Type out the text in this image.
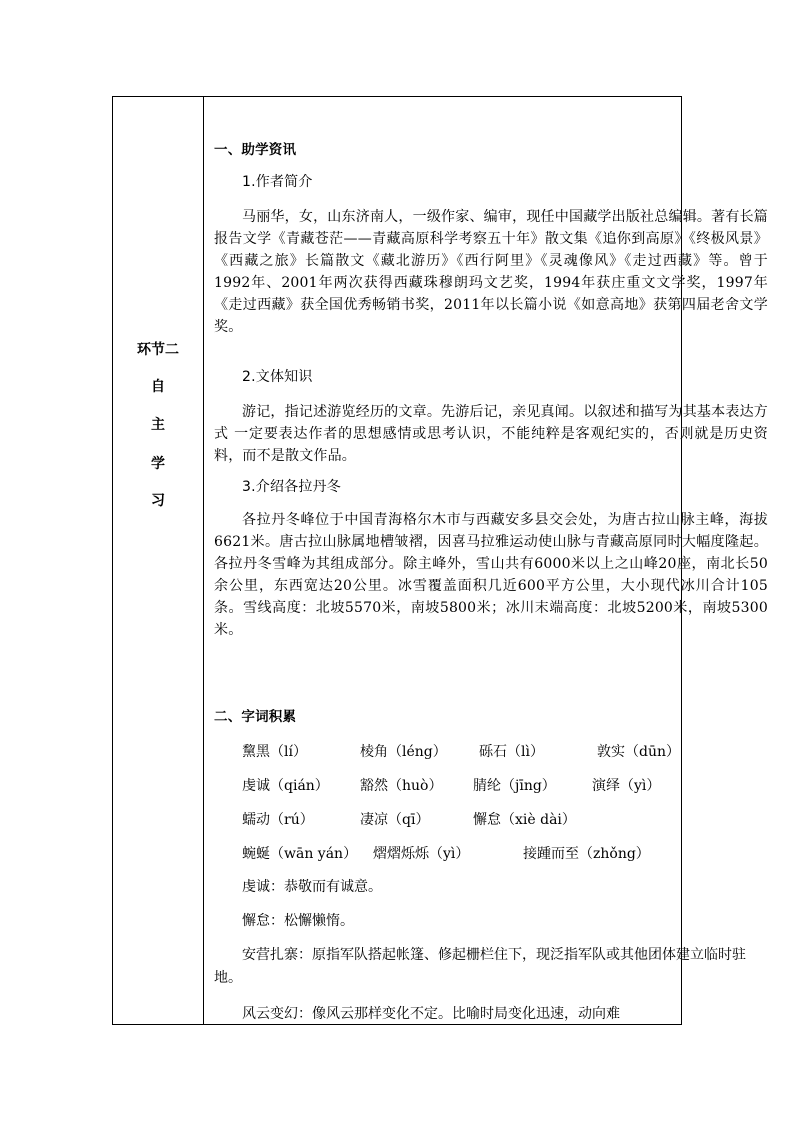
环节二
自
主
学
习
一、助学资讯
1.作者简介
马丽华，女，山东济南人，一级作家、编审，现任中国藏学出版社总编辑。著有长篇报告文学《青藏苍茫——青藏高原科学考察五十年》散文集《追你到高原》《终极风景》《西藏之旅》长篇散文《藏北游历》《西行阿里》《灵魂像风》《走过西藏》等。曾于1992年、2001年两次获得西藏珠穆朗玛文艺奖，1994年获庄重文文学奖，1997年《走过西藏》获全国优秀畅销书奖，2011年以长篇小说《如意高地》获第四届老舍文学奖。
2.文体知识
游记，指记述游览经历的文章。先游后记，亲见真闻。以叙述和描写为其基本表达方式 一定要表达作者的思想感情或思考认识，不能纯粹是客观纪实的，否则就是历史资料，而不是散文作品。
3.介绍各拉丹冬
各拉丹冬峰位于中国青海格尔木市与西藏安多县交会处，为唐古拉山脉主峰，海拔6621米。唐古拉山脉属地槽皱褶，因喜马拉雅运动使山脉与青藏高原同时大幅度隆起。各拉丹冬雪峰为其组成部分。除主峰外，雪山共有6000米以上之山峰20座，南北长50余公里，东西宽达20公里。冰雪覆盖面积几近600平方公里，大小现代冰川合计105条。雪线高度：北坡5570米，南坡5800米；冰川末端高度：北坡5200米，南坡5300米。
二、字词积累
黧黑（lí）	棱角（léng） 砾石（lì）	敦实（dūn）
虔诚（qián） 豁然（huò） 腈纶（jīng）	演绎（yì）
蠕动（rú）	凄凉（qī）	懈怠（xiè dài）
蜿蜒（wān yán） 熠熠烁烁（yì）	接踵而至（zhǒng）
虔诚：恭敬而有诚意。
懈怠：松懈懒惰。
安营扎寨：原指军队搭起帐篷、修起栅栏住下，现泛指军队或其他团体建立临时驻地。
风云变幻：像风云那样变化不定。比喻时局变化迅速，动向难
